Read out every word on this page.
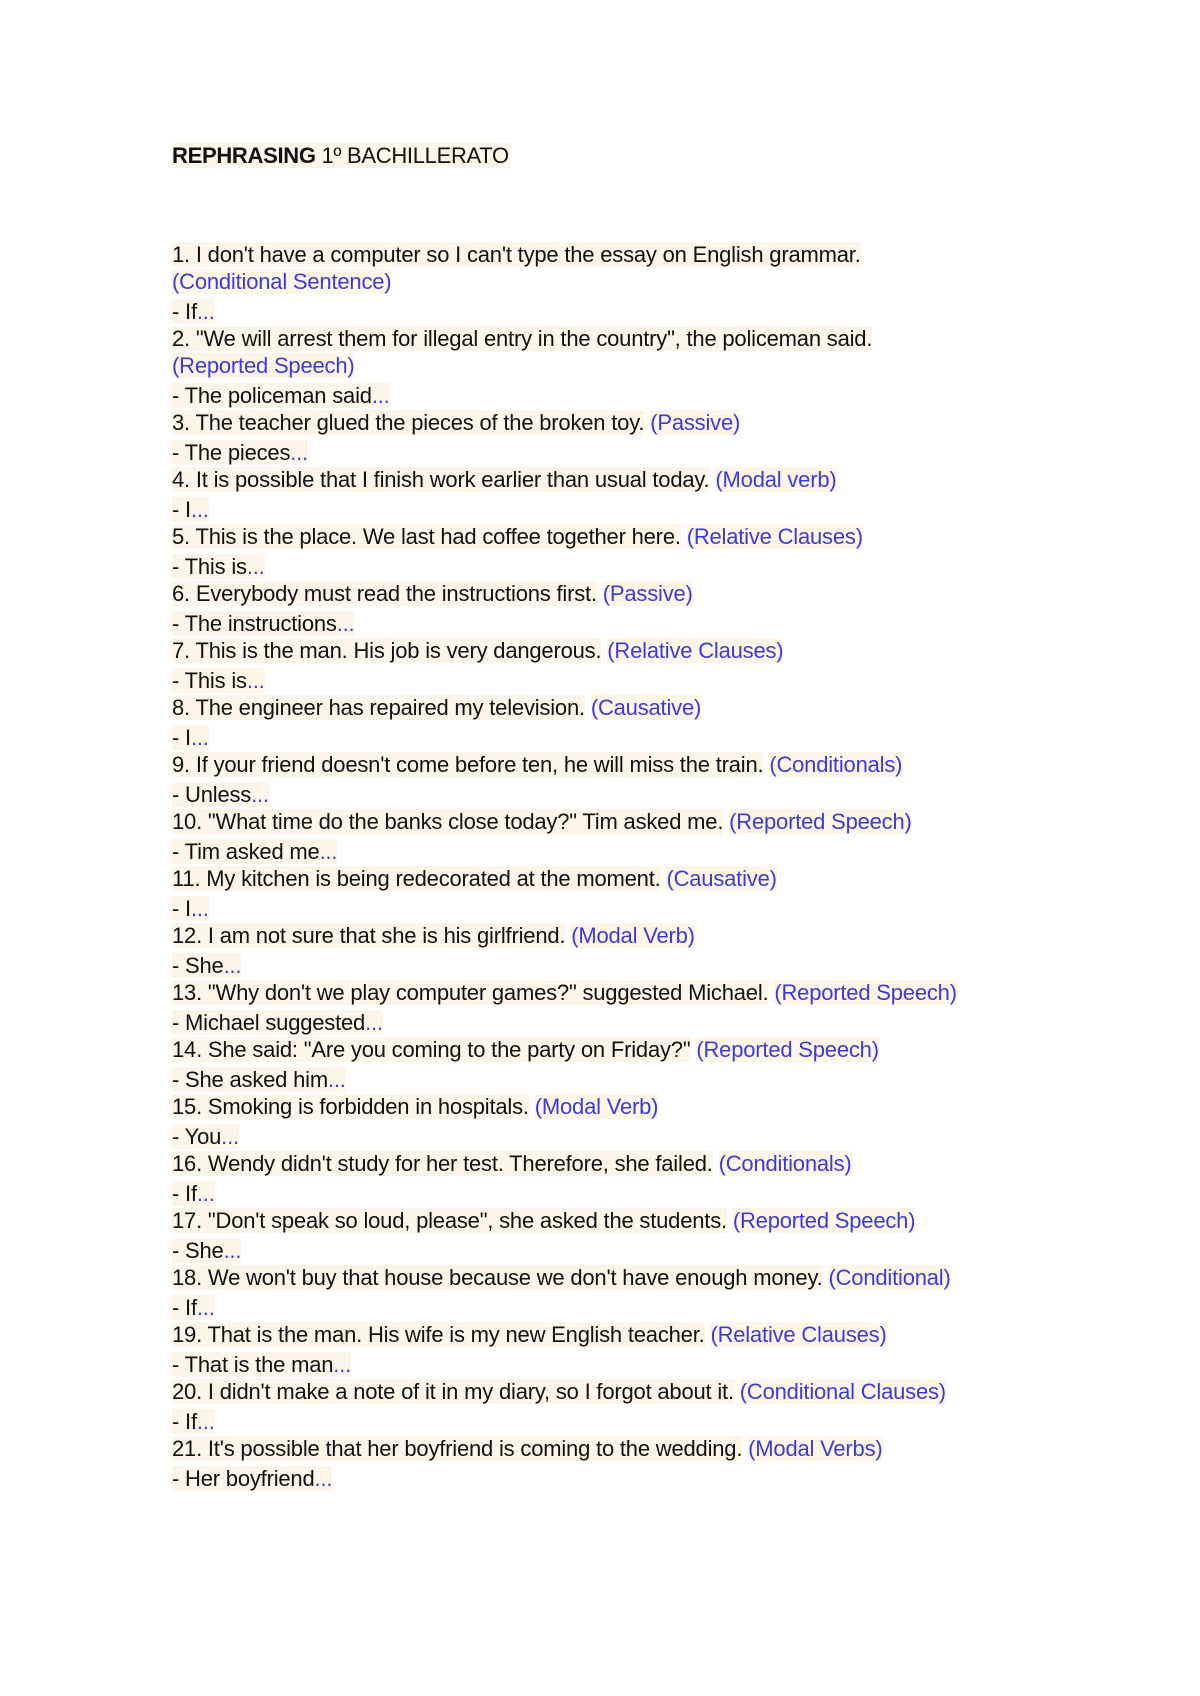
REPHRASING 1º BACHILLERATO
1. I don't have a computer so I can't type the essay on English grammar.
(Conditional Sentence)
- If...
2. "We will arrest them for illegal entry in the country", the policeman said.
(Reported Speech)
- The policeman said...
3. The teacher glued the pieces of the broken toy. (Passive)
- The pieces...
4. It is possible that I finish work earlier than usual today. (Modal verb)
- I...
5. This is the place. We last had coffee together here. (Relative Clauses)
- This is...
6. Everybody must read the instructions first. (Passive)
- The instructions...
7. This is the man. His job is very dangerous. (Relative Clauses)
- This is...
8. The engineer has repaired my television. (Causative)
- I...
9. If your friend doesn't come before ten, he will miss the train. (Conditionals)
- Unless...
10. "What time do the banks close today?" Tim asked me. (Reported Speech)
- Tim asked me...
11. My kitchen is being redecorated at the moment. (Causative)
- I...
12. I am not sure that she is his girlfriend. (Modal Verb)
- She...
13. "Why don't we play computer games?" suggested Michael. (Reported Speech)
- Michael suggested...
14. She said: "Are you coming to the party on Friday?" (Reported Speech)
- She asked him...
15. Smoking is forbidden in hospitals. (Modal Verb)
- You...
16. Wendy didn't study for her test. Therefore, she failed. (Conditionals)
- If...
17. "Don't speak so loud, please", she asked the students. (Reported Speech)
- She...
18. We won't buy that house because we don't have enough money. (Conditional)
- If...
19. That is the man. His wife is my new English teacher. (Relative Clauses)
- That is the man...
20. I didn't make a note of it in my diary, so I forgot about it. (Conditional Clauses)
- If...
21. It's possible that her boyfriend is coming to the wedding. (Modal Verbs)
- Her boyfriend...
